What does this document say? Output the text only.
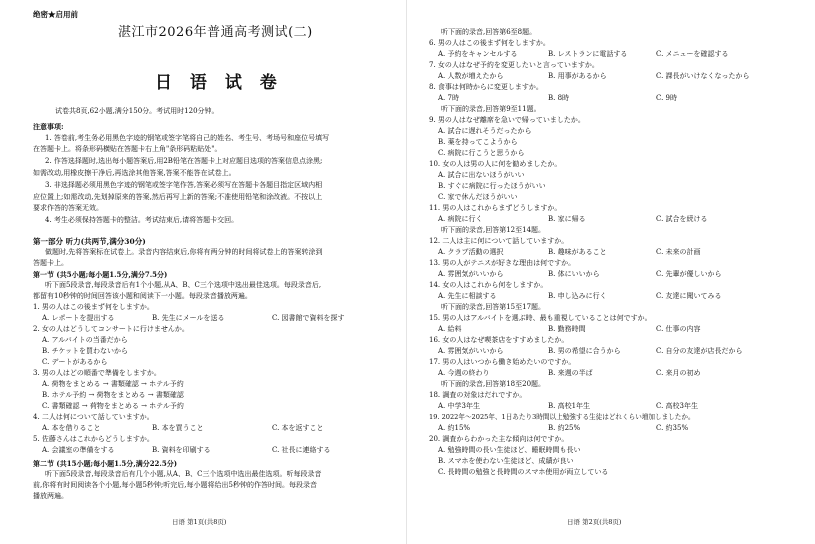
绝密★启用前
湛江市2026年普通高考测试(二)
日 语 试 卷
试卷共8页,62小题,满分150分。考试用时120分钟。
注意事项:
1. 答卷前,考生务必用黑色字迹的钢笔或签字笔将自己的姓名、考生号、考场号和座位号填写
在答题卡上。将条形码横贴在答题卡右上角"条形码粘贴处"。
2. 作答选择题时,选出每小题答案后,用2B铅笔在答题卡上对应题目选项的答案信息点涂黑;
如需改动,用橡皮擦干净后,再选涂其他答案,答案不能答在试卷上。
3. 非选择题必须用黑色字迹的钢笔或签字笔作答,答案必须写在答题卡各题目指定区域内相
应位置上;如需改动,先划掉原来的答案,然后再写上新的答案;不准使用铅笔和涂改液。不按以上
要求作答的答案无效。
4. 考生必须保持答题卡的整洁。考试结束后,请将答题卡交回。
第一部分 听力(共两节,满分30分)
做题时,先将答案标在试卷上。录音内容结束后,你将有两分钟的时间将试卷上的答案转涂到
答题卡上。
第一节 (共5小题;每小题1.5分,满分7.5分)
听下面5段录音,每段录音后有1个小题,从A、B、C三个选项中选出最佳选项。每段录音后,
都留有10秒钟的时间回答该小题和阅读下一小题。每段录音播放两遍。
1. 男の人はこの後まず何をしますか。
A. レポートを提出する	B. 先生にメールを送る	C. 図書館で資料を探す
2. 女の人はどうしてコンサートに行けませんか。
A. アルバイトの当番だから
B. チケットを買わないから
C. デートがあるから
3. 男の人はどの順番で準備をしますか。
A. 荷物をまとめる → 書類確認 → ホテル予約
B. ホテル予約 → 荷物をまとめる → 書類確認
C. 書類確認 → 荷物をまとめる → ホテル予約
4. 二人は何について話していますか。
A. 本を借りること	B. 本を買うこと	C. 本を返すこと
5. 佐藤さんはこれからどうしますか。
A. 会議室の準備をする	B. 資料を印刷する	C. 社長に連絡する
第二节 (共15小题;每小题1.5分,满分22.5分)
听下面5段录音,每段录音后有几个小题,从A、B、C三个选项中选出最佳选项。听每段录音
前,你将有时间阅读各个小题,每小题5秒钟;听完后,每小题将给出5秒钟的作答时间。每段录音
播放两遍。
日语 第1页(共8页)
听下面的录音,回答第6至8题。
6. 男の人はこの後まず何をしますか。
A. 予約をキャンセルする	B. レストランに電話する	C. メニューを確認する
7. 女の人はなぜ予約を変更したいと言っていますか。
A. 人数が増えたから	B. 用事があるから	C. 課長がいけなくなったから
8. 食事は何時からに変更しますか。
A. 7時	B. 8時	C. 9時
听下面的录音,回答第9至11题。
9. 男の人はなぜ離席を急いで帰っていましたか。
A. 試合に遅れそうだったから
B. 薬を持ってこようから
C. 病院に行こうと思うから
10. 女の人は男の人に何を勧めましたか。
A. 試合に出ないほうがいい
B. すぐに病院に行ったほうがいい
C. 家で休んだほうがいい
11. 男の人はこれからまずどうしますか。
A. 病院に行く	B. 家に帰る	C. 試合を続ける
听下面的录音,回答第12至14题。
12. 二人は主に何について話していますか。
A. クラブ活動の選択	B. 趣味があること	C. 未来の計画
13. 男の人がテニスが好きな理由は何ですか。
A. 雰囲気がいいから	B. 体にいいから	C. 先輩が優しいから
14. 女の人はこれから何をしますか。
A. 先生に相談する	B. 申し込みに行く	C. 友達に聞いてみる
听下面的录音,回答第15至17题。
15. 男の人はアルバイトを選ぶ時、最も重視していることは何ですか。
A. 給料	B. 勤務時間	C. 仕事の内容
16. 女の人はなぜ喫茶店をすすめましたか。
A. 雰囲気がいいから	B. 男の希望に合うから	C. 自分の友達が店長だから
17. 男の人はいつから働き始めたいのですか。
A. 今週の終わり	B. 来週の半ば	C. 来月の初め
听下面的录音,回答第18至20题。
18. 調査の対象はだれですか。
A. 中学3年生	B. 高校1年生	C. 高校3年生
19. 2022年～2025年、1日あたり3時間以上勉強する生徒はどれくらい増加しましたか。
A. 約15%	B. 約25%	C. 約35%
20. 調査からわかった主な傾向は何ですか。
A. 勉強時間の長い生徒ほど、睡眠時間も長い
B. スマホを使わない生徒ほど、成績が良い
C. 長時間の勉強と長時間のスマホ使用が両立している
日语 第2页(共8页)
